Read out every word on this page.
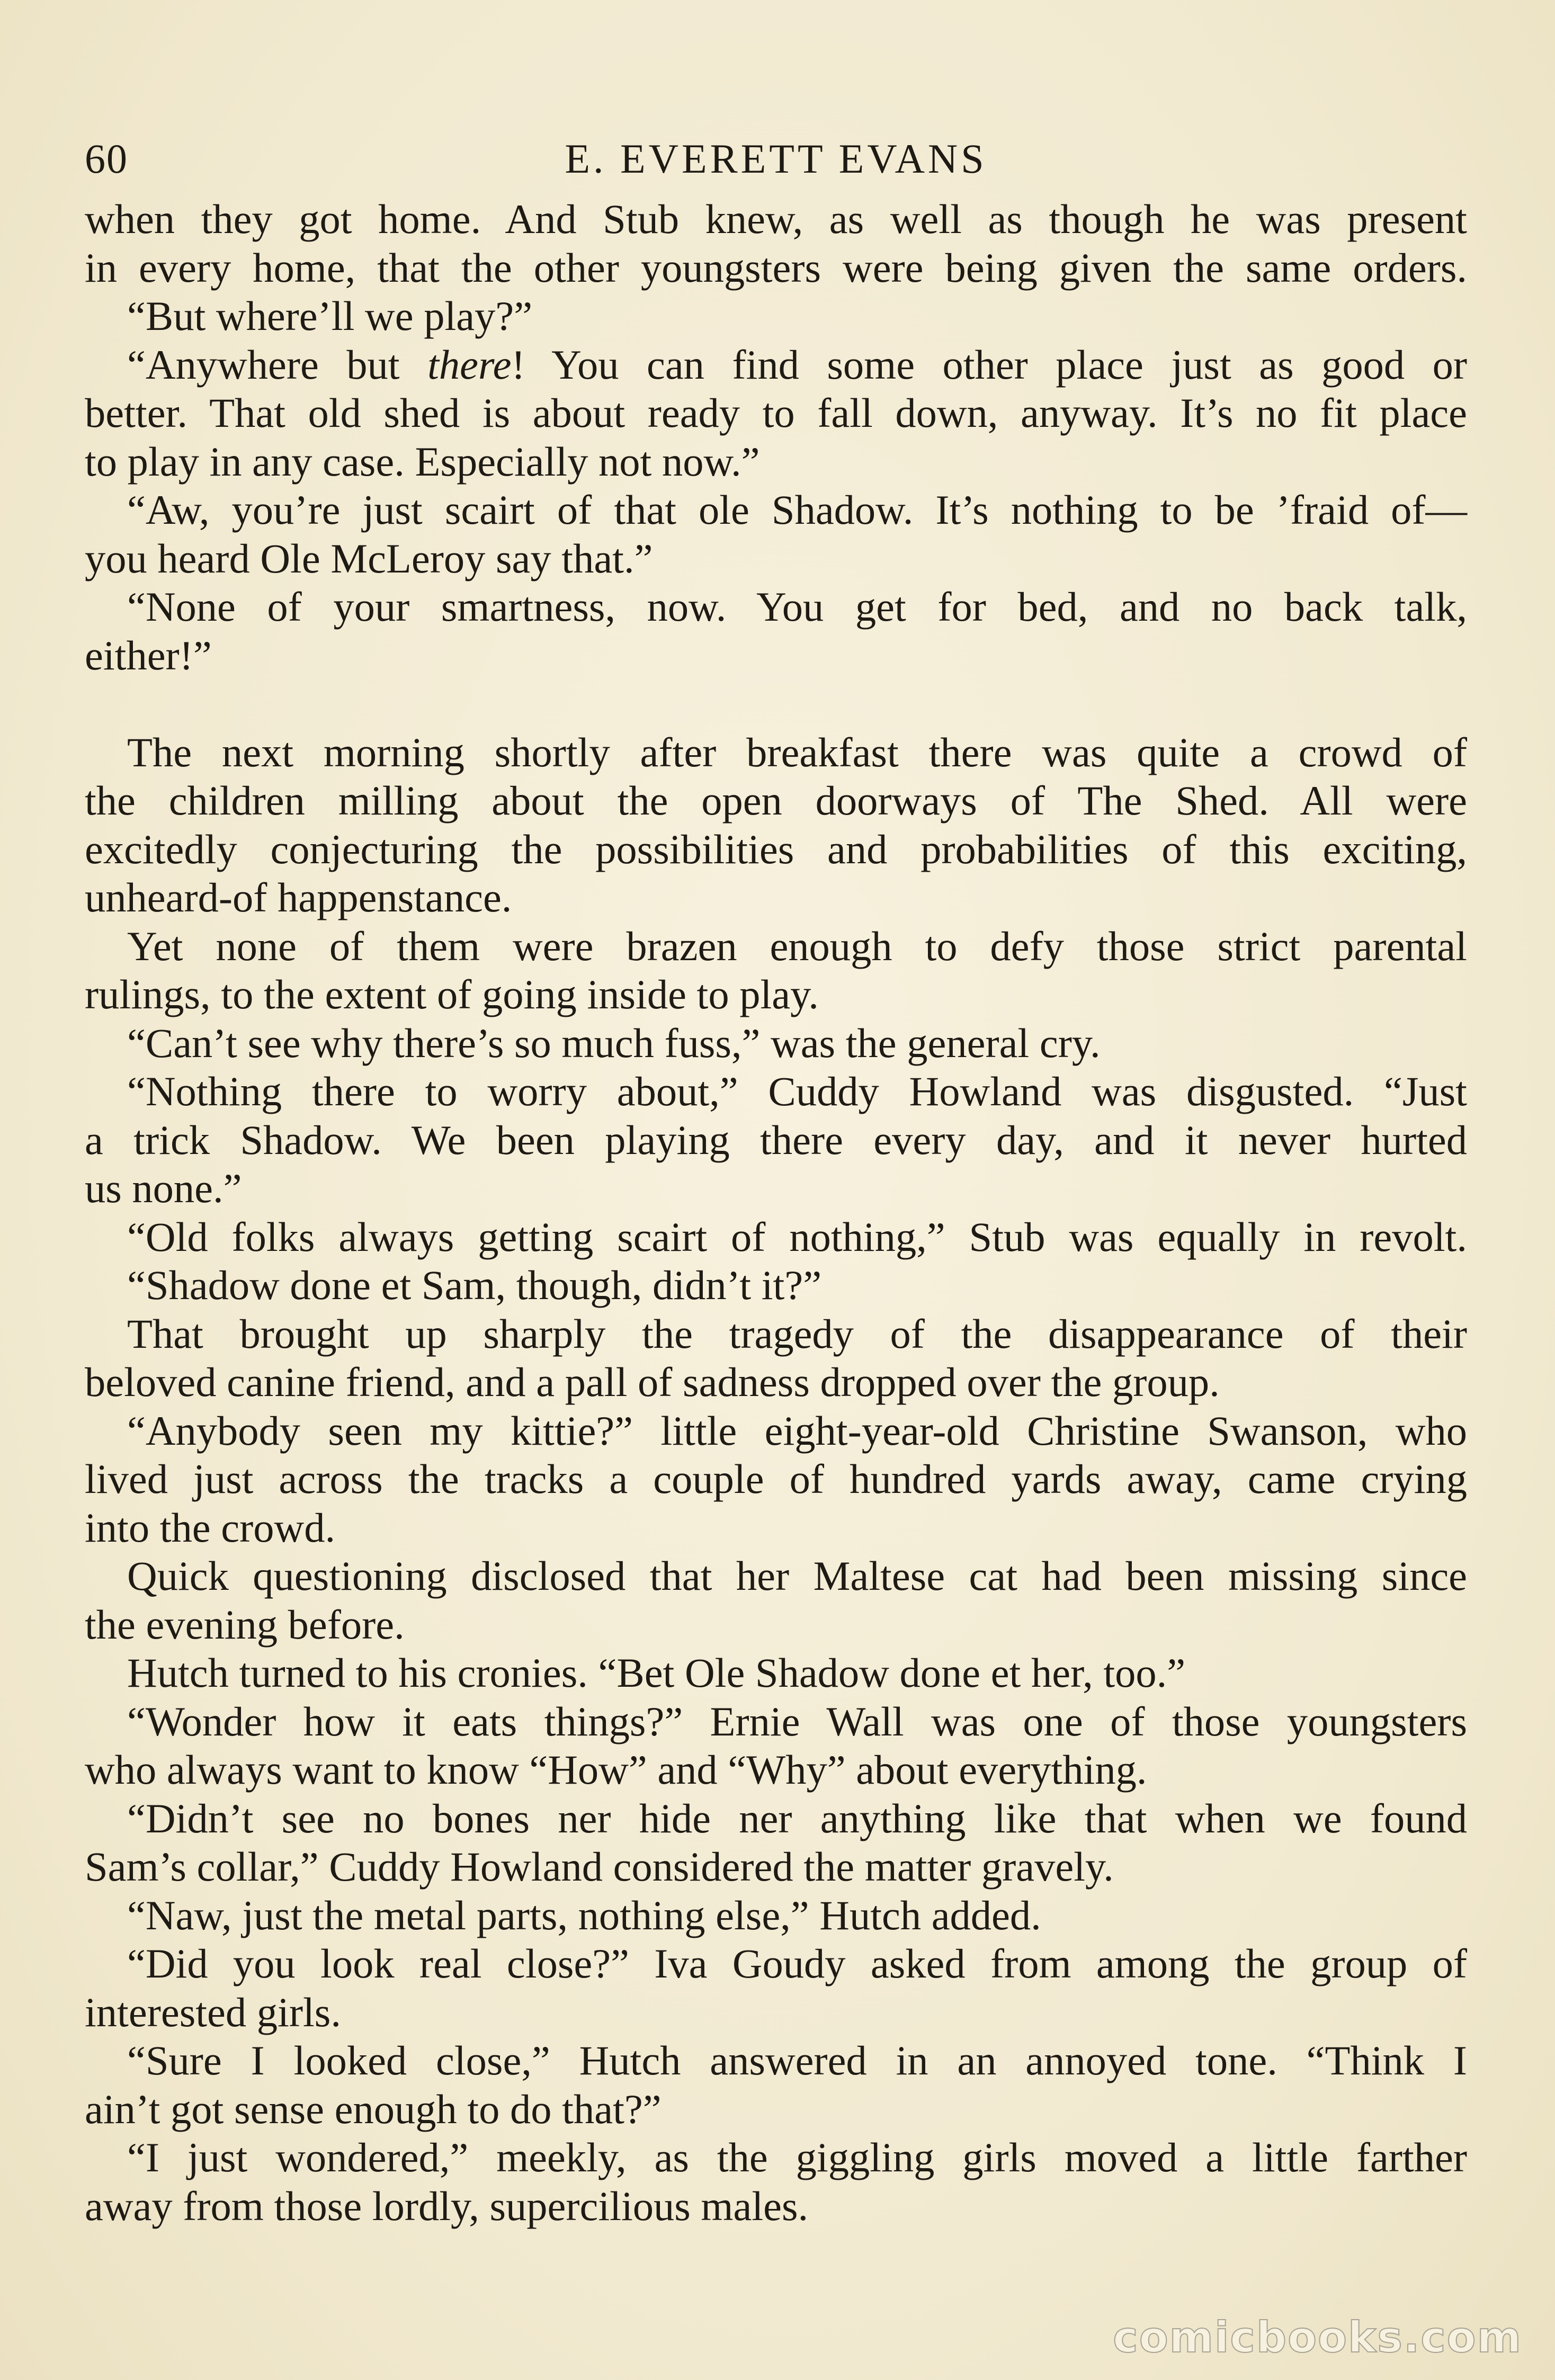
60	E. EVERETT EVANS
when they got home. And Stub knew, as well as though he was present
in every home, that the other youngsters were being given the same orders.
“But where’ll we play?”
“Anywhere but there! You can find some other place just as good or
better. That old shed is about ready to fall down, anyway. It’s no fit place
to play in any case. Especially not now.”
“Aw, you’re just scairt of that ole Shadow. It’s nothing to be ’fraid of—
you heard Ole McLeroy say that.”
“None of your smartness, now. You get for bed, and no back talk,
either!”
The next morning shortly after breakfast there was quite a crowd of
the children milling about the open doorways of The Shed. All were
excitedly conjecturing the possibilities and probabilities of this exciting,
unheard-of happenstance.
Yet none of them were brazen enough to defy those strict parental
rulings, to the extent of going inside to play.
“Can’t see why there’s so much fuss,” was the general cry.
“Nothing there to worry about,” Cuddy Howland was disgusted. “Just
a trick Shadow. We been playing there every day, and it never hurted
us none.”
“Old folks always getting scairt of nothing,” Stub was equally in revolt.
“Shadow done et Sam, though, didn’t it?”
That brought up sharply the tragedy of the disappearance of their
beloved canine friend, and a pall of sadness dropped over the group.
“Anybody seen my kittie?” little eight-year-old Christine Swanson, who
lived just across the tracks a couple of hundred yards away, came crying
into the crowd.
Quick questioning disclosed that her Maltese cat had been missing since
the evening before.
Hutch turned to his cronies. “Bet Ole Shadow done et her, too.”
“Wonder how it eats things?” Ernie Wall was one of those youngsters
who always want to know “How” and “Why” about everything.
“Didn’t see no bones ner hide ner anything like that when we found
Sam’s collar,” Cuddy Howland considered the matter gravely.
“Naw, just the metal parts, nothing else,” Hutch added.
“Did you look real close?” Iva Goudy asked from among the group of
interested girls.
“Sure I looked close,” Hutch answered in an annoyed tone. “Think I
ain’t got sense enough to do that?”
“I just wondered,” meekly, as the giggling girls moved a little farther
away from those lordly, supercilious males.
comicbooks.com
